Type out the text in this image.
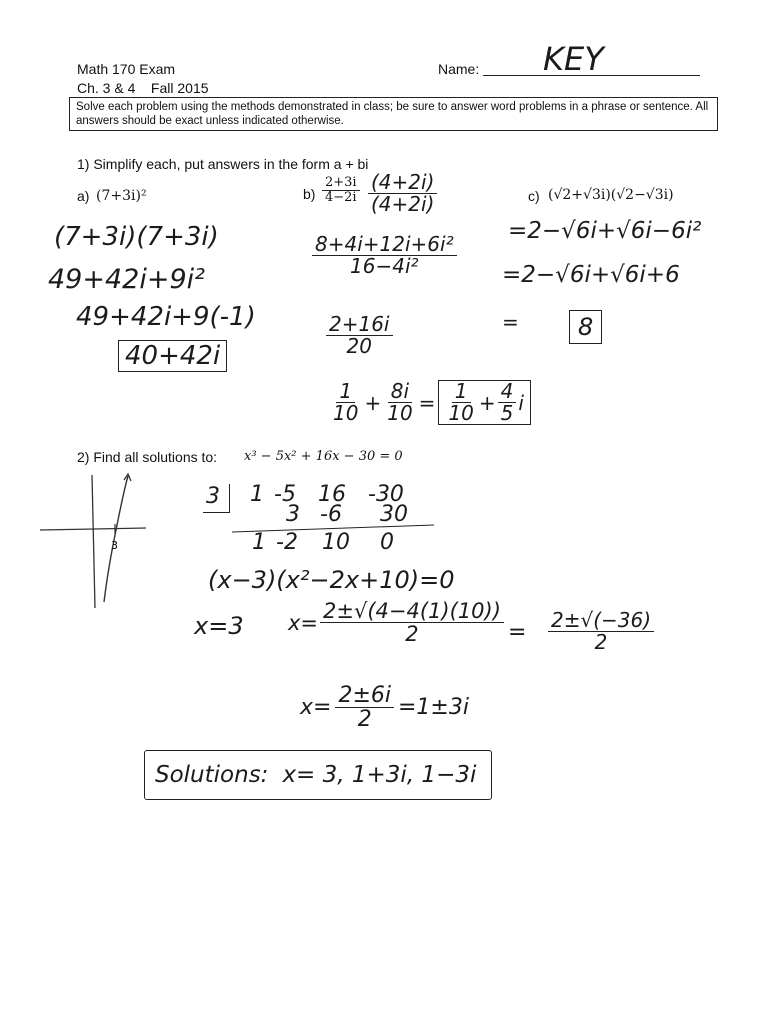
Math 170 Exam
Ch. 3 & 4    Fall 2015
Name: KEY
Solve each problem using the methods demonstrated in class; be sure to answer word problems in a phrase or sentence. All answers should be exact unless indicated otherwise.
1) Simplify each, put answers in the form a + bi
a) (7+3i)²
(7+3i)(7+3i)
49+42i+9i²
49+42i+9(-1)
40+42i
$b) \frac{2+3i}{4-2i} \frac{(4+2i)}{(4+2i)}$
$\frac{\text{8+4i+12i+6i²}}{\text{16−4i²}}$
$\frac{2+16i}{20}$
$\frac{1}{10} + \frac{8i}{10} = \frac{1}{10} + \frac{4}{5}$ i
c) (√2+√3i)(√2−√3i)
=2−√6i+√6i−6i²
=2−√6i+√6i+6
=	8
2) Find all solutions to: x³ − 5x² + 16x − 30 = 0
3
3 1 -5 16 -30
3 -6 30
1 -2 10 0
(x−3)(x²−2x+10)=0
x=3 $x= \frac{2\pm√(4-4(1)(10))}{2} = \frac{2\pm√(-36)}{2}$
$x= \frac{2\pm 6i}{2} =1\pm 3i$
Solutions: x= 3, 1+3i, 1−3i
